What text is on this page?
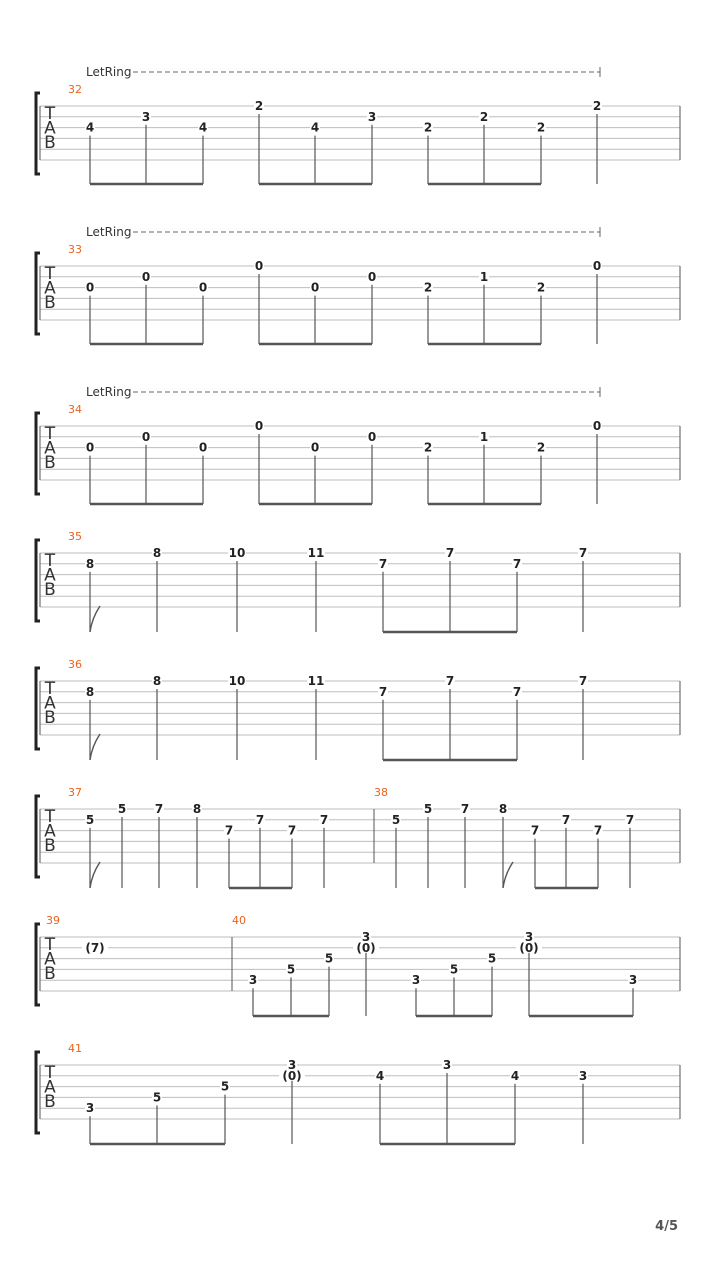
T
A
B
LetRing
32
4
3
4
2
4
3
2
2
2
2
T
A
B
LetRing
33
0
0
0
0
0
0
2
1
2
0
T
A
B
LetRing
34
0
0
0
0
0
0
2
1
2
0
T
A
B
35
8
8	10	11
7
7
7
7
T
A
B
36
8
8	10	11
7
7
7
7
T
A
B
37
5
5 7 8
7
7
7
7
38
5
5 7 8
7
7
7
7
T
A
B
39
(7)
40
3
5
5
3
(0)
3
5
5
3
(0)
3
T
A
B
41
3
5
5
3
(0)	4
3
4	3
4/5
